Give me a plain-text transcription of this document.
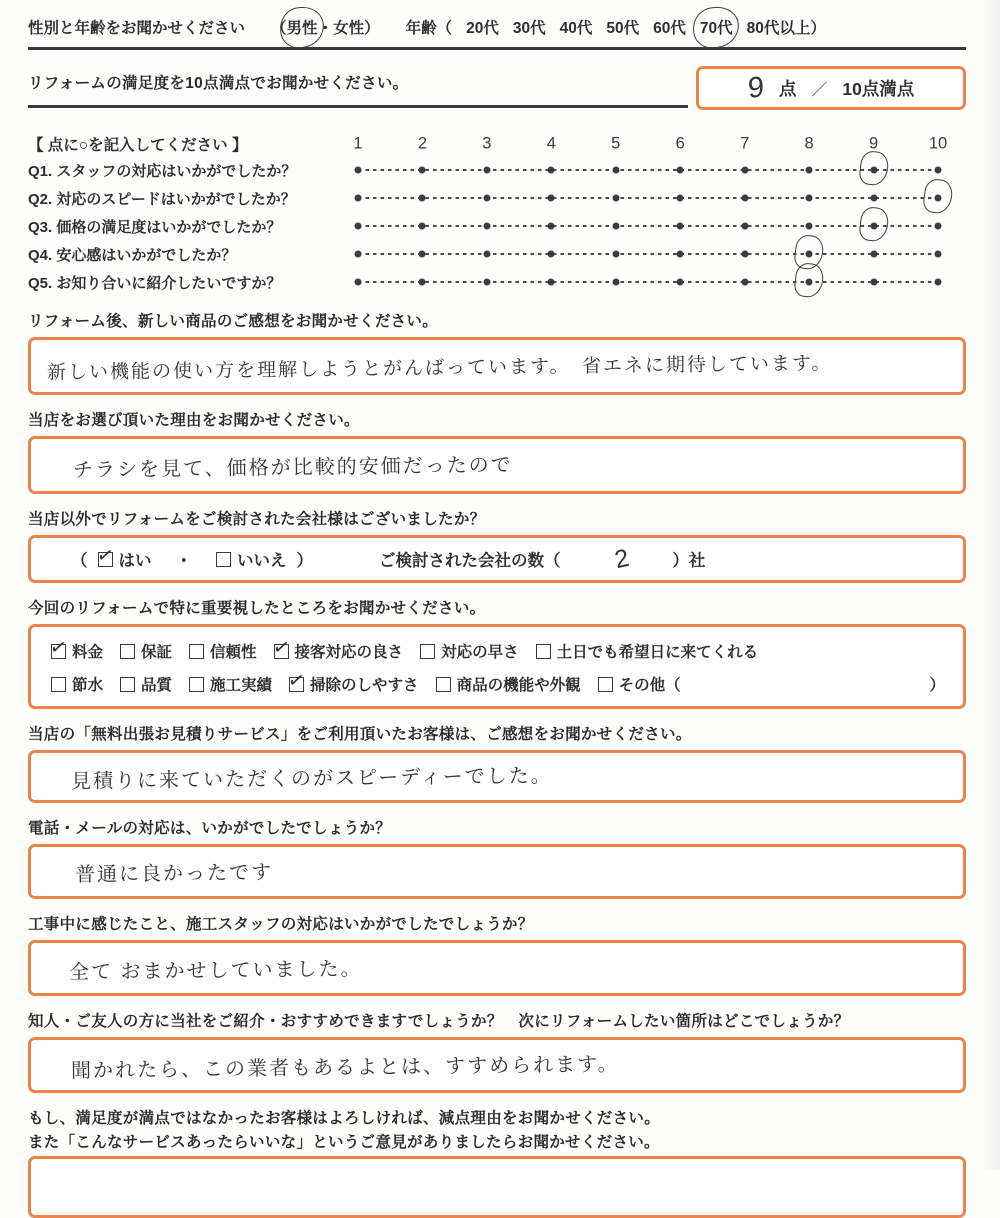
性別と年齢をお聞かせください （ 男性 ・ 女性 ） 年齢（ 20代 30代 40代 50代 60代 70代 80代以上 ）
リフォームの満足度を10点満点でお聞かせください。	9 点 ／ 10点満点
【 点に○を記入してください 】	1	2	3	4	5	6	7	8	9	10
Q1. スタッフの対応はいかがでしたか？
Q2. 対応のスピードはいかがでしたか？
Q3. 価格の満足度はいかがでしたか？
Q4. 安心感はいかがでしたか？
Q5. お知り合いに紹介したいですか？
リフォーム後、新しい商品のご感想をお聞かせください。
新しい機能の使い方を理解しようとがんばっています。　省エネに期待しています。
当店をお選び頂いた理由をお聞かせください。
チラシを見て、価格が比較的安価だったので
当店以外でリフォームをご検討された会社様はございましたか？
（ ✓ はい ・	いいえ ）	ご検討された会社の数（ 2	）社
今回のリフォームで特に重要視したところをお聞かせください。
✓
料金 保証 信頼性 ✓ 接客対応の良さ 対応の早さ 土日でも希望日に来てくれる
節水 品質 施工実績 ✓ 掃除のしやすさ 商品の機能や外観 その他（	）
当店の「無料出張お見積りサービス」をご利用頂いたお客様は、ご感想をお聞かせください。
見積りに来ていただくのがスピーディーでした。
電話・メールの対応は、いかがでしたでしょうか？
普通に良かったです
工事中に感じたこと、施工スタッフの対応はいかがでしたでしょうか？
全て おまかせしていました。
知人・ご友人の方に当社をご紹介・おすすめできますでしょうか？　次にリフォームしたい箇所はどこでしょうか？
聞かれたら、この業者もあるよとは、すすめられます。
もし、満足度が満点ではなかったお客様はよろしければ、減点理由をお聞かせください。
また「こんなサービスあったらいいな」というご意見がありましたらお聞かせください。
